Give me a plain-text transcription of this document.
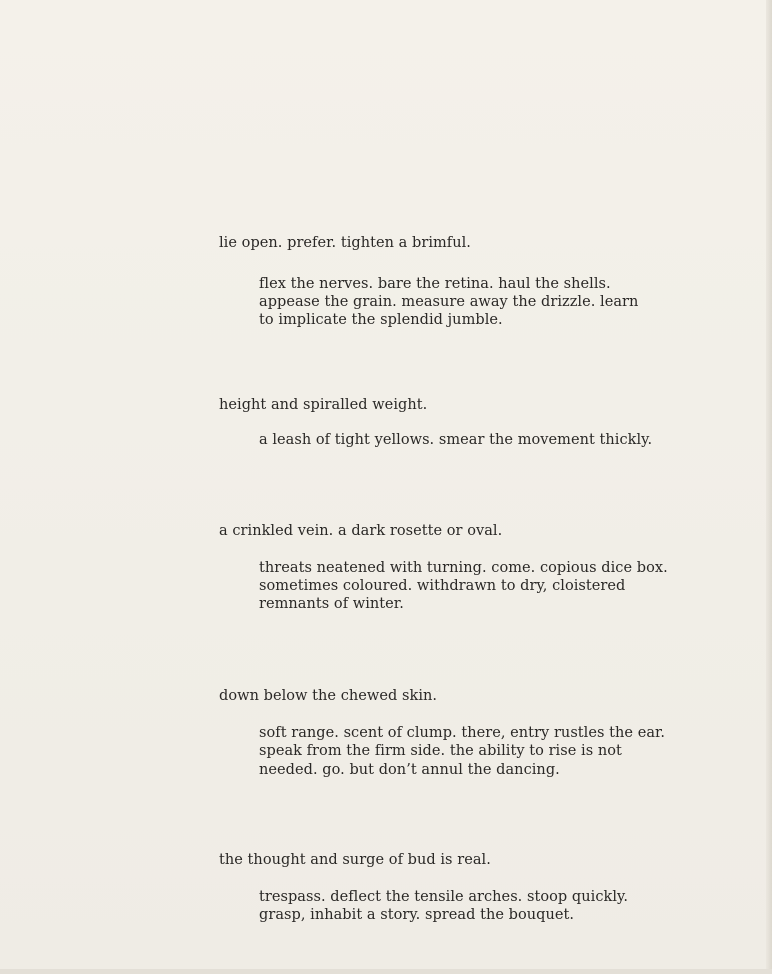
lie open. prefer. tighten a brimful.
flex the nerves. bare the retina. haul the shells.
appease the grain. measure away the drizzle. learn
to implicate the splendid jumble.
height and spiralled weight.
a leash of tight yellows. smear the movement thickly.
a crinkled vein. a dark rosette or oval.
threats neatened with turning. come. copious dice box.
sometimes coloured. withdrawn to dry, cloistered
remnants of winter.
down below the chewed skin.
soft range. scent of clump. there, entry rustles the ear.
speak from the firm side. the ability to rise is not
needed. go. but don’t annul the dancing.
the thought and surge of bud is real.
trespass. deflect the tensile arches. stoop quickly.
grasp, inhabit a story. spread the bouquet.
